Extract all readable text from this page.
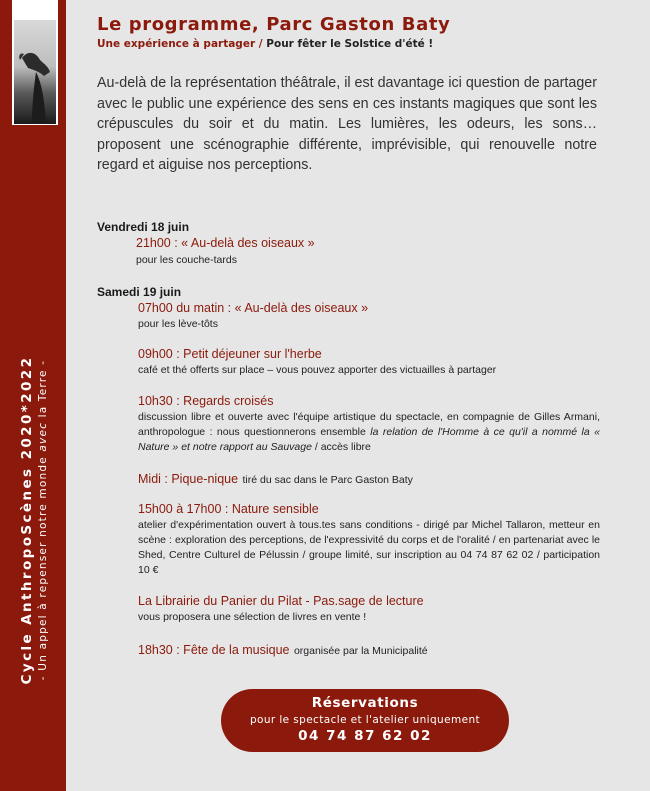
Cycle AnthropoScènes 2020*2022 - Un appel à repenser notre monde avec la Terre -
Le programme, Parc Gaston Baty
Une expérience à partager / Pour fêter le Solstice d'été !
Au-delà de la représentation théâtrale, il est davantage ici question de partager avec le public une expérience des sens en ces instants magiques que sont les crépuscules du soir et du matin. Les lumières, les odeurs, les sons… proposent une scénographie différente, imprévisible, qui renouvelle notre regard et aiguise nos perceptions.
Vendredi 18 juin
21h00 : « Au-delà des oiseaux »
pour les couche-tards
Samedi 19 juin
07h00 du matin : « Au-delà des oiseaux »
pour les lève-tôts
09h00 : Petit déjeuner sur l'herbe
café et thé offerts sur place – vous pouvez apporter des victuailles à partager
10h30 : Regards croisés
discussion libre et ouverte avec l'équipe artistique du spectacle, en compagnie de Gilles Armani, anthropologue : nous questionnerons ensemble la relation de l'Homme à ce qu'il a nommé la « Nature » et notre rapport au Sauvage / accès libre
Midi : Pique-nique tiré du sac dans le Parc Gaston Baty
15h00 à 17h00 : Nature sensible
atelier d'expérimentation ouvert à tous.tes sans conditions - dirigé par Michel Tallaron, metteur en scène : exploration des perceptions, de l'expressivité du corps et de l'oralité / en partenariat avec le Shed, Centre Culturel de Pélussin / groupe limité, sur inscription au 04 74 87 62 02 / participation 10 €
La Librairie du Panier du Pilat - Pas.sage de lecture
vous proposera une sélection de livres en vente !
18h30 : Fête de la musique organisée par la Municipalité
Réservations
pour le spectacle et l'atelier uniquement
04 74 87 62 02
